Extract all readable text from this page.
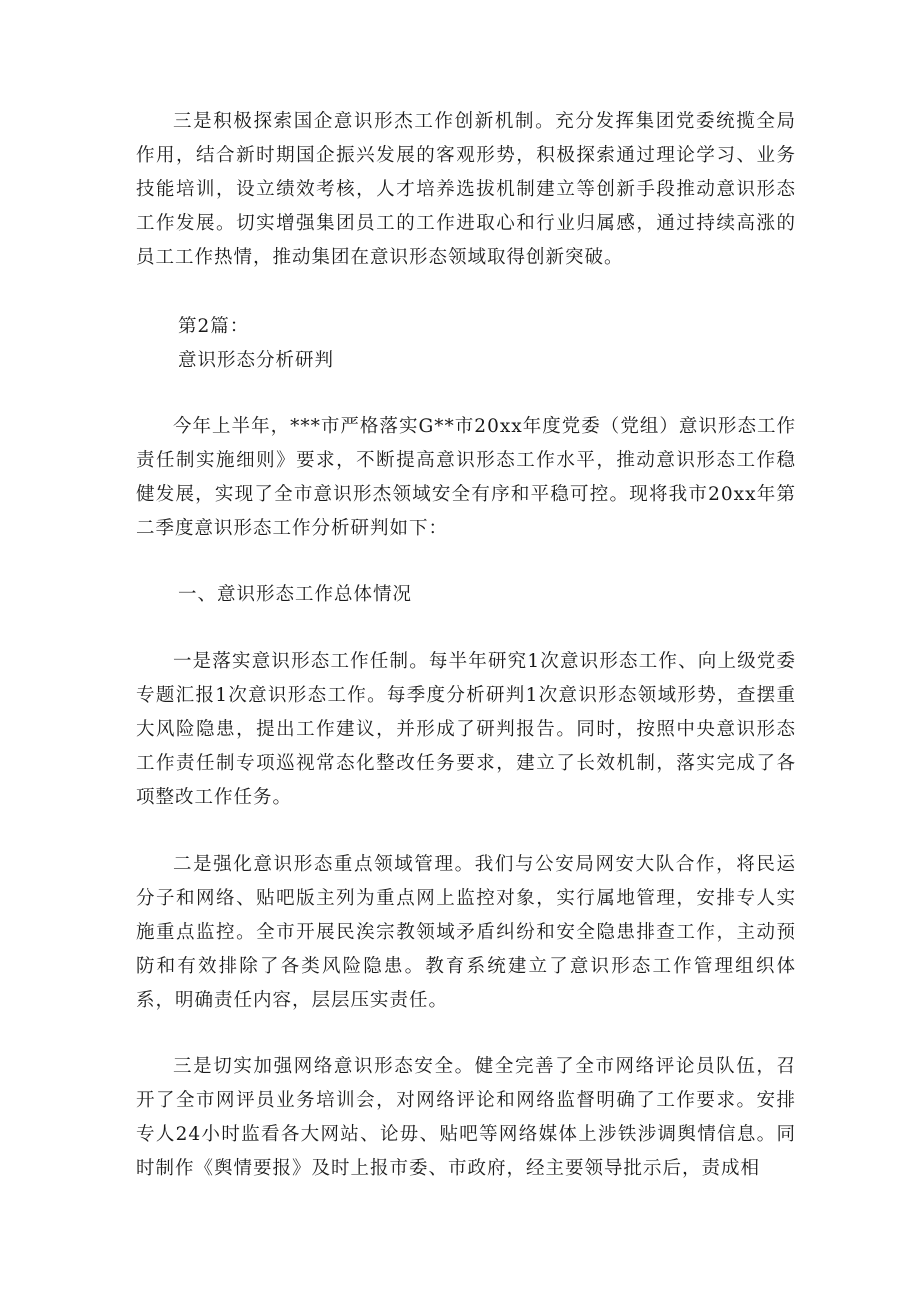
三是积极探索国企意识形杰工作创新机制。充分发挥集团党委统揽全局作用，结合新时期国企振兴发展的客观形势，积极探索通过理论学习、业务技能培训，设立绩效考核，人才培养选拔机制建立等创新手段推动意识形态工作发展。切实增强集团员工的工作进取心和行业归属感，通过持续高涨的员工工作热情，推动集团在意识形态领域取得创新突破。

第2篇：

意识形态分析研判

今年上半年，***市严格落实G**市20xx年度党委（党组）意识形态工作责任制实施细则》要求，不断提高意识形态工作水平，推动意识形态工作稳健发展，实现了全市意识形杰领域安全有序和平稳可控。现将我市20xx年第二季度意识形态工作分析研判如下：

一、意识形态工作总体情况

一是落实意识形态工作任制。每半年研究1次意识形态工作、向上级党委专题汇报1次意识形态工作。每季度分析研判1次意识形态领域形势，查摆重大风险隐患，提出工作建议，并形成了研判报告。同时，按照中央意识形态工作责任制专项巡视常态化整改任务要求，建立了长效机制，落实完成了各项整改工作任务。

二是强化意识形态重点领域管理。我们与公安局网安大队合作，将民运分子和网络、贴吧版主列为重点网上监控对象，实行属地管理，安排专人实施重点监控。全市开展民涘宗教领域矛盾纠纷和安全隐患排查工作，主动预防和有效排除了各类风险隐患。教育系统建立了意识形态工作管理组织体系，明确责任内容，层层压实责任。

三是切实加强网络意识形态安全。健全完善了全市网络评论员队伍，召开了全市网评员业务培训会，对网络评论和网络监督明确了工作要求。安排专人24小时监看各大网站、论毋、贴吧等网络媒体上涉铁涉调舆情信息。同时制作《舆情要报》及时上报市委、市政府，经主要领导批示后，责成相
